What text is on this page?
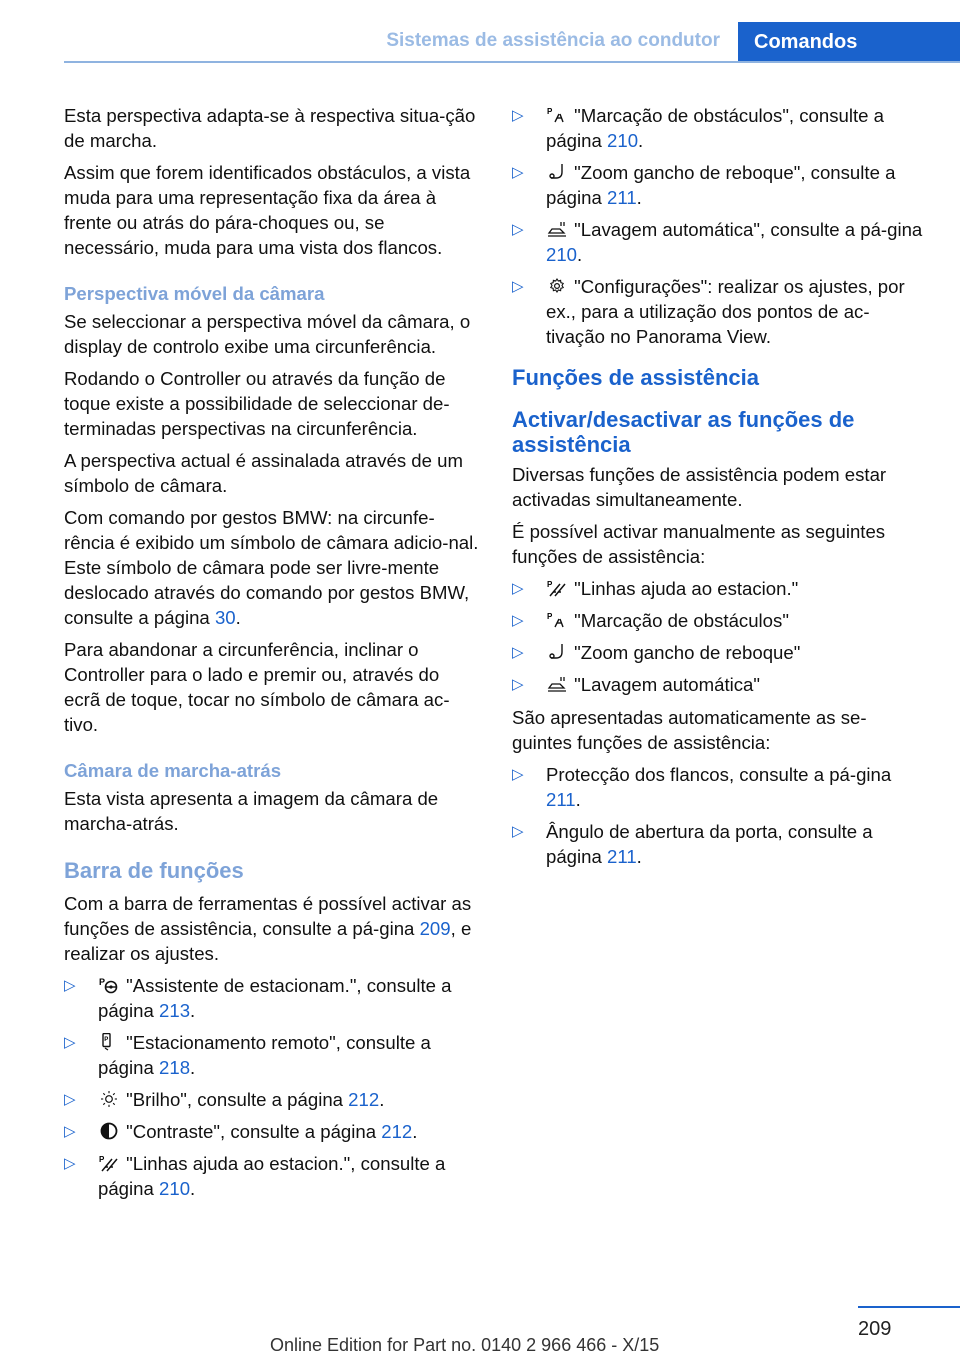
Sistemas de assistência ao condutor	Comandos

Esta perspectiva adapta-se à respectiva situa‐ção de marcha.

Assim que forem identificados obstáculos, a vista muda para uma representação fixa da área à frente ou atrás do pára-choques ou, se necessário, muda para uma vista dos flancos.

Perspectiva móvel da câmara

Se seleccionar a perspectiva móvel da câmara, o display de controlo exibe uma circunferência.

Rodando o Controller ou através da função de toque existe a possibilidade de seleccionar de‐terminadas perspectivas na circunferência.

A perspectiva actual é assinalada através de um símbolo de câmara.

Com comando por gestos BMW: na circunfe‐rência é exibido um símbolo de câmara adicio‐nal. Este símbolo de câmara pode ser livre‐mente deslocado através do comando por gestos BMW, consulte a página 30.

Para abandonar a circunferência, inclinar o Controller para o lado e premir ou, através do ecrã de toque, tocar no símbolo de câmara ac‐tivo.

Câmara de marcha-atrás

Esta vista apresenta a imagem da câmara de marcha-atrás.

Barra de funções

Com a barra de ferramentas é possível activar as funções de assistência, consulte a pá‐gina 209, e realizar os ajustes.

▷	P "Assistente de estacionam.", consulte a página 213.
▷	P "Estacionamento remoto", consulte a página 218.
▷	"Brilho", consulte a página 212.
▷	"Contraste", consulte a página 212.
▷	P "Linhas ajuda ao estacion.", consulte a página 210.
▷	P "Marcação de obstáculos", consulte a página 210.
▷	"Zoom gancho de reboque", consulte a página 211.
▷	"Lavagem automática", consulte a pá‐gina 210.
▷	"Configurações": realizar os ajustes, por ex., para a utilização dos pontos de ac‐tivação no Panorama View.
Funções de assistência
Activar/desactivar as funções de assistência

Diversas funções de assistência podem estar activadas simultaneamente.

É possível activar manualmente as seguintes funções de assistência:

▷	P "Linhas ajuda ao estacion."
▷	P "Marcação de obstáculos"
▷	"Zoom gancho de reboque"
▷	"Lavagem automática"

São apresentadas automaticamente as se‐guintes funções de assistência:

▷ Protecção dos flancos, consulte a pá‐gina 211.
▷ Ângulo de abertura da porta, consulte a página 211.
209
Online Edition for Part no. 0140 2 966 466 - X/15
